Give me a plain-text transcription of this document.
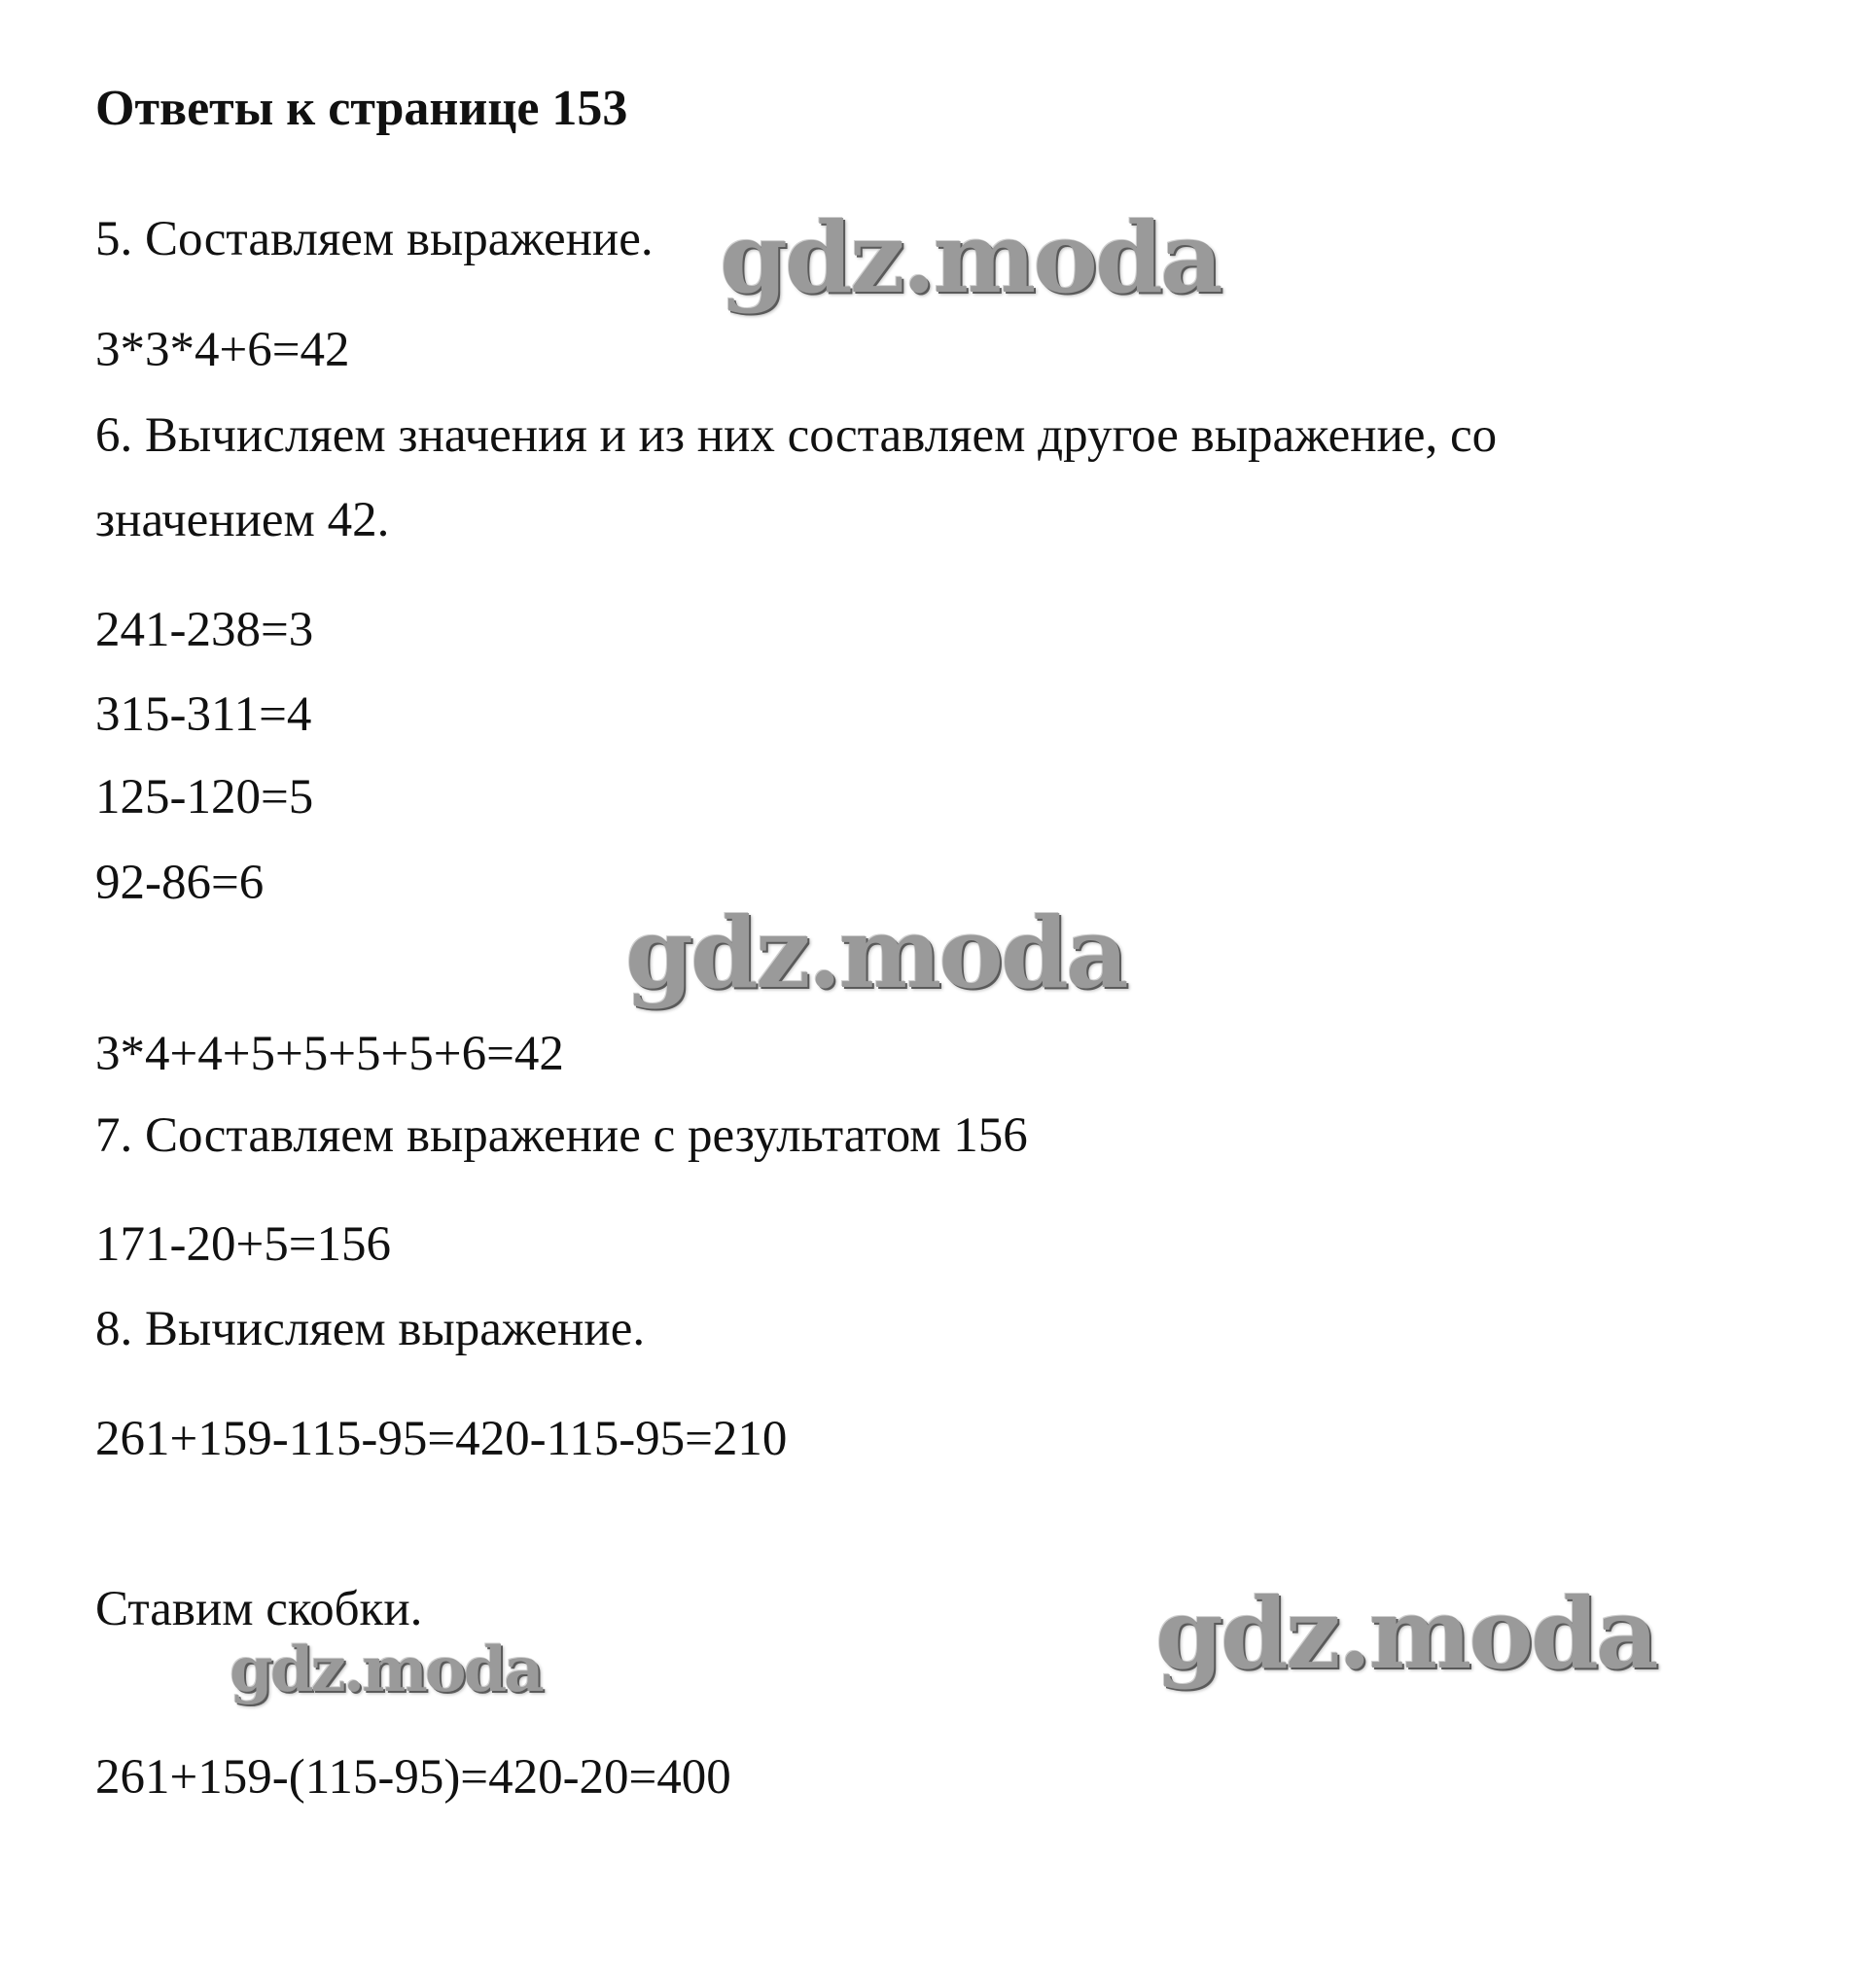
Ответы к странице 153

5. Составляем выражение.

3*3*4+6=42

6. Вычисляем значения и из них составляем другое выражение, со

значением 42.

241-238=3

315-311=4

125-120=5

92-86=6

3*4+4+5+5+5+5+6=42

7. Составляем выражение с результатом 156

171-20+5=156

8. Вычисляем выражение.

261+159-115-95=420-115-95=210

Ставим скобки.

261+159-(115-95)=420-20=400

gdz.moda
gdz.moda
gdz.moda
gdz.moda
